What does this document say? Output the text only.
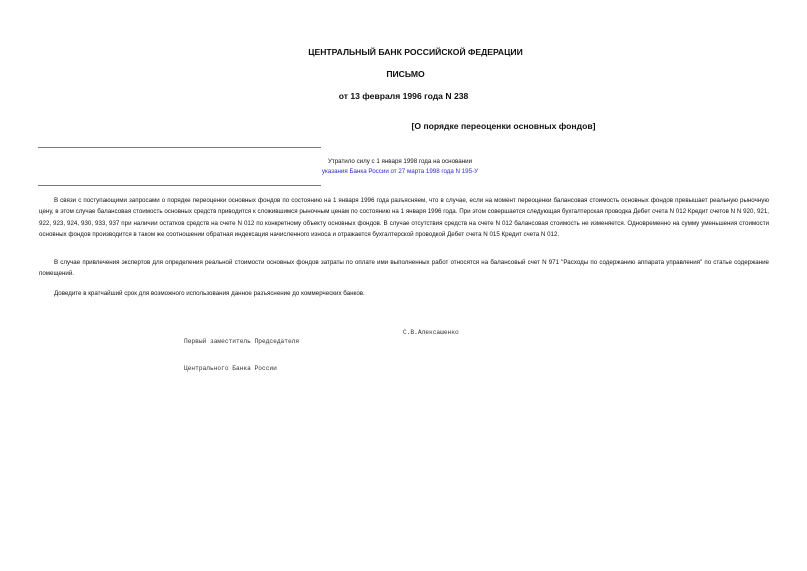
ЦЕНТРАЛЬНЫЙ БАНК РОССИЙСКОЙ ФЕДЕРАЦИИ
ПИСЬМО
от 13 февраля 1996 года N 238
[О порядке переоценки основных фондов]
Утратило силу с 1 января 1998 года на основании
указания Банка России от 27 марта 1998 года N 195-У

В связи с поступающими запросами о порядке переоценки основных фондов по состоянию на 1 января 1996 года разъясняем, что в случае, если на момент переоценки балансовая стоимость основных фондов превышает реальную рыночную цену, в этом случае балансовая стоимость основных средств приводится к сложившимся рыночным ценам по состоянию на 1 января 1996 года. При этом совершается следующая бухгалтерская проводка Дебет счета N 012 Кредит счетов N N 920, 921, 922, 923, 924, 930, 933, 937 при наличии остатков средств на счете N 012 по конкретному объекту основных фондов. В случае отсутствия средств на счете N 012 балансовая стоимость не изменяется. Одновременно на сумму уменьшения стоимости основных фондов производится в таком же соотношении обратная индексация начисленного износа и отражается бухгалтерской проводкой Дебет счета N 015 Кредит счета N 012.

В случае привлечения экспертов для определения реальной стоимости основных фондов затраты по оплате ими выполненных работ относятся на балансовый счет N 971 "Расходы по содержанию аппарата управления" по статье содержание помещений.

Доведите в кратчайший срок для возможного использования данное разъяснение до коммерческих банков.

Первый заместитель Председателя

Центрального Банка России

С.В.Алексашенко
